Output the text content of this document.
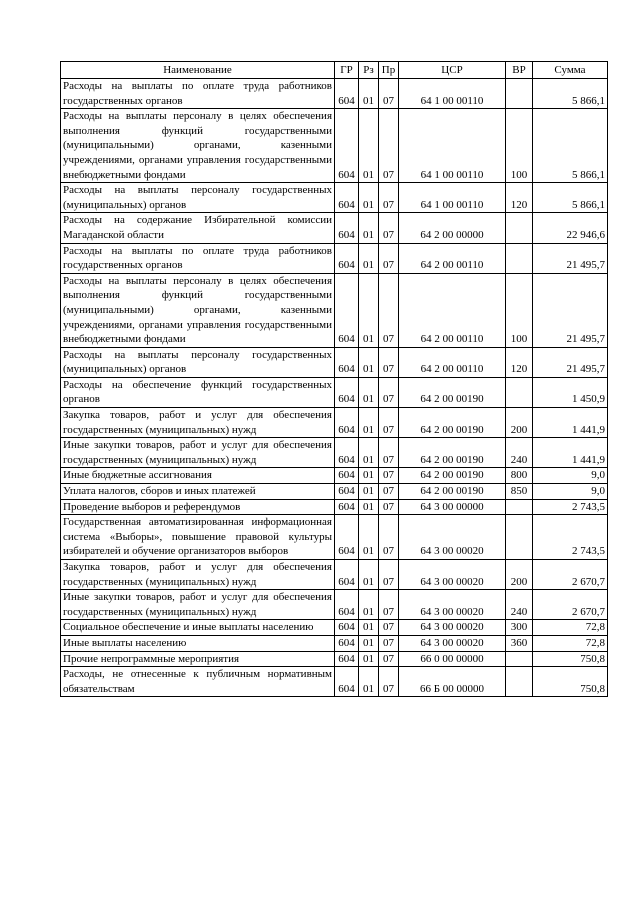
Наименование	ГР	Рз	Пр	ЦСР	ВР	Сумма
Расходы на выплаты по оплате труда работников государственных органов	604	01	07	64 1 00 00110		5 866,1
Расходы на выплаты персоналу в целях обеспечения выполнения функций государственными (муниципальными) органами, казенными учреждениями, органами управления государственными внебюджетными фондами	604	01	07	64 1 00 00110	100	5 866,1
Расходы на выплаты персоналу государственных (муниципальных) органов	604	01	07	64 1 00 00110	120	5 866,1
Расходы на содержание Избирательной комиссии Магаданской области	604	01	07	64 2 00 00000		22 946,6
Расходы на выплаты по оплате труда работников государственных органов	604	01	07	64 2 00 00110		21 495,7
Расходы на выплаты персоналу в целях обеспечения выполнения функций государственными (муниципальными) органами, казенными учреждениями, органами управления государственными внебюджетными фондами	604	01	07	64 2 00 00110	100	21 495,7
Расходы на выплаты персоналу государственных (муниципальных) органов	604	01	07	64 2 00 00110	120	21 495,7
Расходы на обеспечение функций государственных органов	604	01	07	64 2 00 00190		1 450,9
Закупка товаров, работ и услуг для обеспечения государственных (муниципальных) нужд	604	01	07	64 2 00 00190	200	1 441,9
Иные закупки товаров, работ и услуг для обеспечения государственных (муниципальных) нужд	604	01	07	64 2 00 00190	240	1 441,9
Иные бюджетные ассигнования	604	01	07	64 2 00 00190	800	9,0
Уплата налогов, сборов и иных платежей	604	01	07	64 2 00 00190	850	9,0
Проведение выборов и референдумов	604	01	07	64 3 00 00000		2 743,5
Государственная автоматизированная информационная система «Выборы», повышение правовой культуры избирателей и обучение организаторов выборов	604	01	07	64 3 00 00020		2 743,5
Закупка товаров, работ и услуг для обеспечения государственных (муниципальных) нужд	604	01	07	64 3 00 00020	200	2 670,7
Иные закупки товаров, работ и услуг для обеспечения государственных (муниципальных) нужд	604	01	07	64 3 00 00020	240	2 670,7
Социальное обеспечение и иные выплаты населению	604	01	07	64 3 00 00020	300	72,8
Иные выплаты населению	604	01	07	64 3 00 00020	360	72,8
Прочие непрограммные мероприятия	604	01	07	66 0 00 00000		750,8
Расходы, не отнесенные к публичным нормативным обязательствам	604	01	07	66 Б 00 00000		750,8
